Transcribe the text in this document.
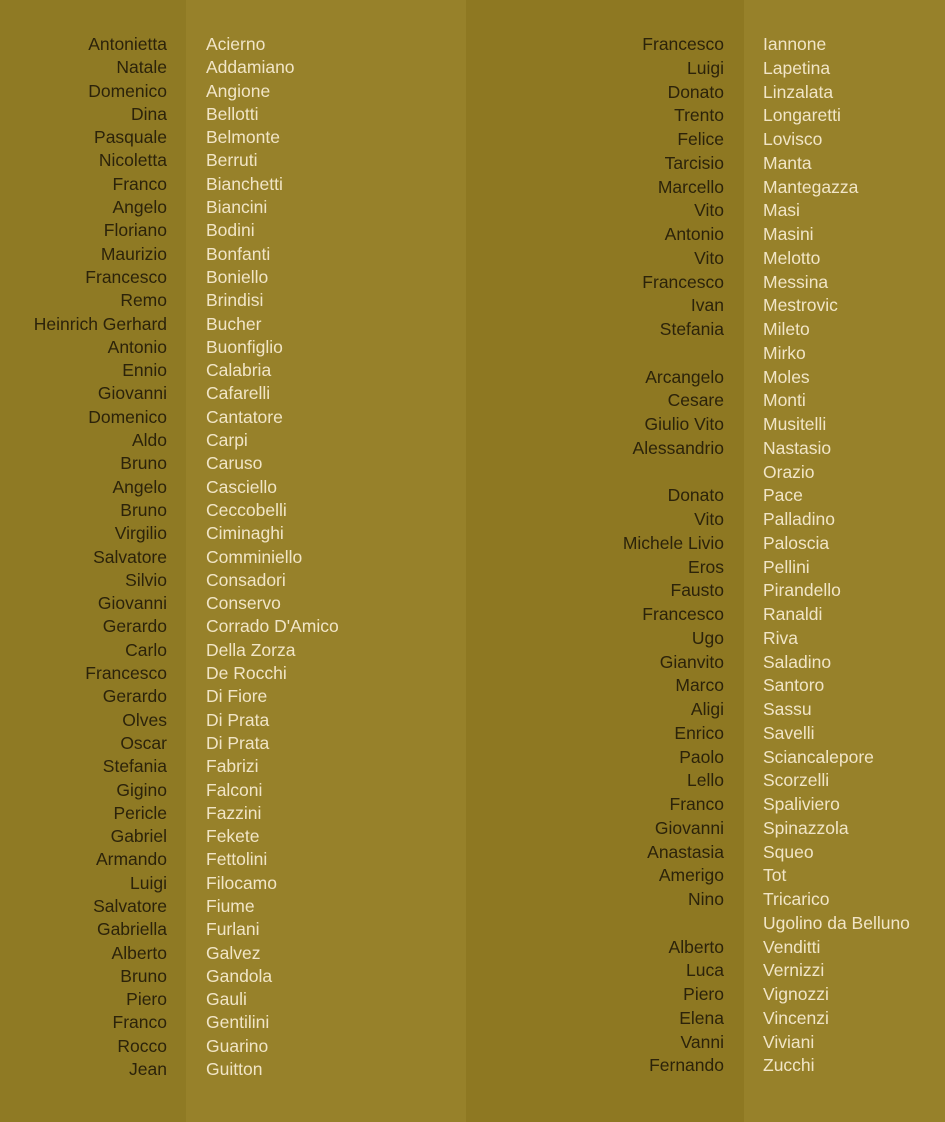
Antonietta Acierno
Natale Addamiano
Domenico Angione
Dina Bellotti
Pasquale Belmonte
Nicoletta Berruti
Franco Bianchetti
Angelo Biancini
Floriano Bodini
Maurizio Bonfanti
Francesco Boniello
Remo Brindisi
Heinrich Gerhard Bucher
Antonio Buonfiglio
Ennio Calabria
Giovanni Cafarelli
Domenico Cantatore
Aldo Carpi
Bruno Caruso
Angelo Casciello
Bruno Ceccobelli
Virgilio Ciminaghi
Salvatore Comminiello
Silvio Consadori
Giovanni Conservo
Gerardo Corrado D'Amico
Carlo Della Zorza
Francesco De Rocchi
Gerardo Di Fiore
Olves Di Prata
Oscar Di Prata
Stefania Fabrizi
Gigino Falconi
Pericle Fazzini
Gabriel Fekete
Armando Fettolini
Luigi Filocamo
Salvatore Fiume
Gabriella Furlani
Alberto Galvez
Bruno Gandola
Piero Gauli
Franco Gentilini
Rocco Guarino
Jean Guitton
Francesco Iannone
Luigi Lapetina
Donato Linzalata
Trento Longaretti
Felice Lovisco
Tarcisio Manta
Marcello Mantegazza
Vito Masi
Antonio Masini
Vito Melotto
Francesco Messina
Ivan Mestrovic
Stefania Mileto
Mirko
Arcangelo Moles
Cesare Monti
Giulio Vito Musitelli
Alessandrio Nastasio
Orazio
Donato Pace
Vito Palladino
Michele Livio Paloscia
Eros Pellini
Fausto Pirandello
Francesco Ranaldi
Ugo Riva
Gianvito Saladino
Marco Santoro
Aligi Sassu
Enrico Savelli
Paolo Sciancalepore
Lello Scorzelli
Franco Spaliviero
Giovanni Spinazzola
Anastasia Squeo
Amerigo Tot
Nino Tricarico
Ugolino da Belluno
Alberto Venditti
Luca Vernizzi
Piero Vignozzi
Elena Vincenzi
Vanni Viviani
Fernando Zucchi
